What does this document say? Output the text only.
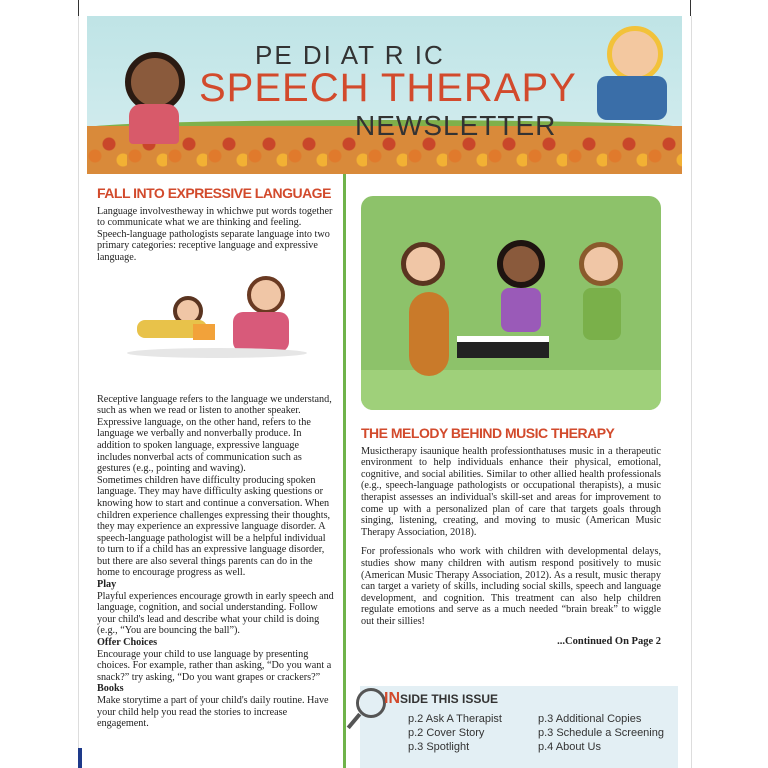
PE DI AT R IC
SPEECH THERAPY
NEWSLETTER
FALL INTO EXPRESSIVE LANGUAGE

Language involvestheway in whichwe put words together to communicate what we are thinking and feeling. Speech-language pathologists separate language into two primary categories: receptive language and expressive language.

Receptive language refers to the language we understand, such as when we read or listen to another speaker. Expressive language, on the other hand, refers to the language we verbally and nonverbally produce. In addition to spoken language, expressive language includes nonverbal acts of communication such as gestures (e.g., pointing and waving).

Sometimes children have difficulty producing spoken language. They may have difficulty asking questions or knowing how to start and continue a conversation. When children experience challenges expressing their thoughts, they may experience an expressive language disorder. A speech-language pathologist will be a helpful individual to turn to if a child has an expressive language disorder, but there are also several things parents can do in the home to encourage progress as well.

Play

Playful experiences encourage growth in early speech and language, cognition, and social understanding. Follow your child's lead and describe what your child is doing (e.g., “You are bouncing the ball”).

Offer Choices

Encourage your child to use language by presenting choices. For example, rather than asking, “Do you want a snack?” try asking, “Do you want grapes or crackers?”

Books

Make storytime a part of your child's daily routine. Have your child help you read the stories to increase engagement.

THE MELODY BEHIND MUSIC THERAPY

Musictherapy isaunique health professionthatuses music in a therapeutic environment to help individuals enhance their physical, emotional, cognitive, and social abilities. Similar to other allied health professionals (e.g., speech-language pathologists or occupational therapists), a music therapist assesses an individual's skill-set and areas for improvement to come up with a personalized plan of care that targets goals through singing, listening, creating, and moving to music (American Music Therapy Association, 2018).

For professionals who work with children with developmental delays, studies show many children with autism respond positively to music (American Music Therapy Association, 2012). As a result, music therapy can target a variety of skills, including social skills, speech and language development, and cognition. This treatment can also help children regulate emotions and serve as a much needed “brain break” to wiggle out their sillies!

...Continued On Page 2

INSIDE THIS ISSUE
p.2 Ask A Therapist
p.2 Cover Story
p.3 Spotlight
p.3 Additional Copies
p.3 Schedule a Screening
p.4 About Us
